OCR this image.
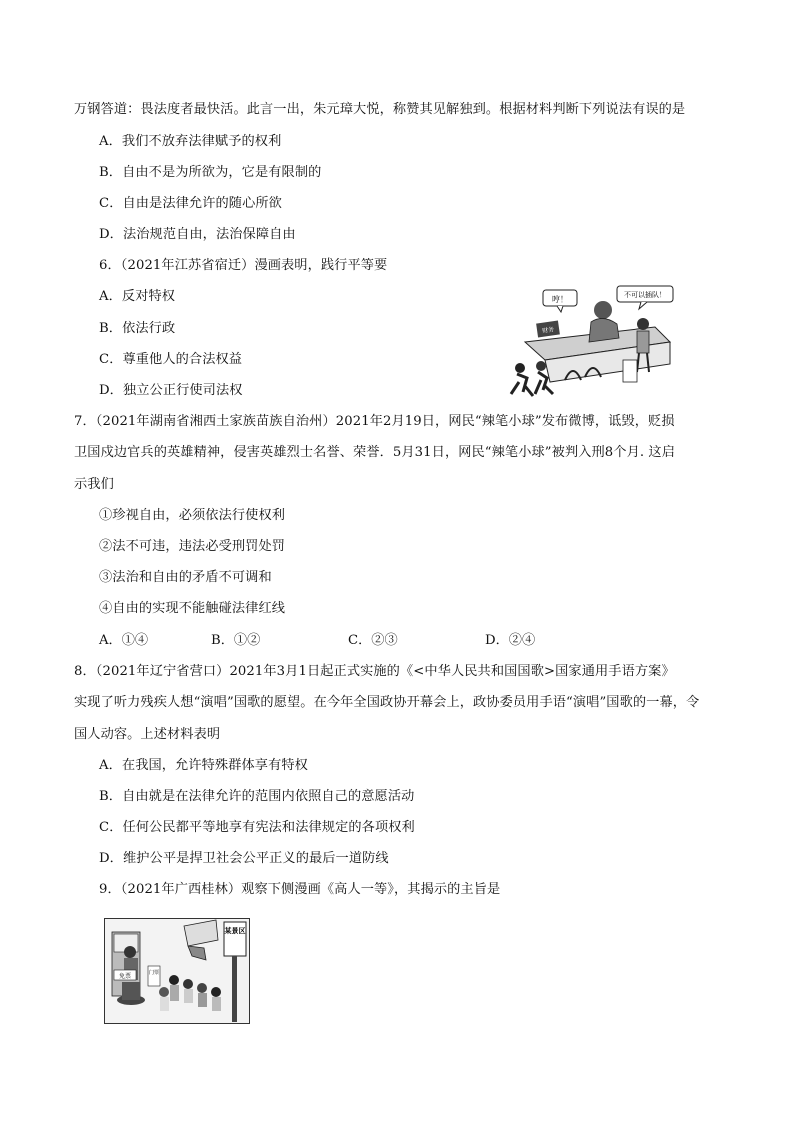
万钢答道：畏法度者最快活。此言一出，朱元璋大悦，称赞其见解独到。根据材料判断下列说法有误的是
A．我们不放弃法律赋予的权利
B．自由不是为所欲为，它是有限制的
C．自由是法律允许的随心所欲
D．法治规范自由，法治保障自由
6．（2021年江苏省宿迁）漫画表明，践行平等要
A．反对特权
B．依法行政
C．尊重他人的合法权益
D．独立公正行使司法权
哼！	不可以插队！
财务
7．（2021年湖南省湘西土家族苗族自治州）2021年2月19日，网民“辣笔小球”发布微博，诋毁，贬损
卫国戍边官兵的英雄精神，侵害英雄烈士名誉、荣誉．5月31日，网民“辣笔小球”被判入刑8个月. 这启
示我们
①珍视自由，必须依法行使权利
②法不可违，违法必受刑罚处罚
③法治和自由的矛盾不可调和
④自由的实现不能触碰法律红线
A．①④	B．①②	C．②③	D．②④
8．（2021年辽宁省营口）2021年3月1日起正式实施的《<中华人民共和国国歌>国家通用手语方案》
实现了听力残疾人想“演唱”国歌的愿望。在今年全国政协开幕会上，政协委员用手语“演唱”国歌的一幕，令
国人动容。上述材料表明
A．在我国，允许特殊群体享有特权
B．自由就是在法律允许的范围内依照自己的意愿活动
C．任何公民都平等地享有宪法和法律规定的各项权利
D．维护公平是捍卫社会公平正义的最后一道防线
9．（2021年广西桂林）观察下侧漫画《高人一等》，其揭示的主旨是
某景区
免票	门票
